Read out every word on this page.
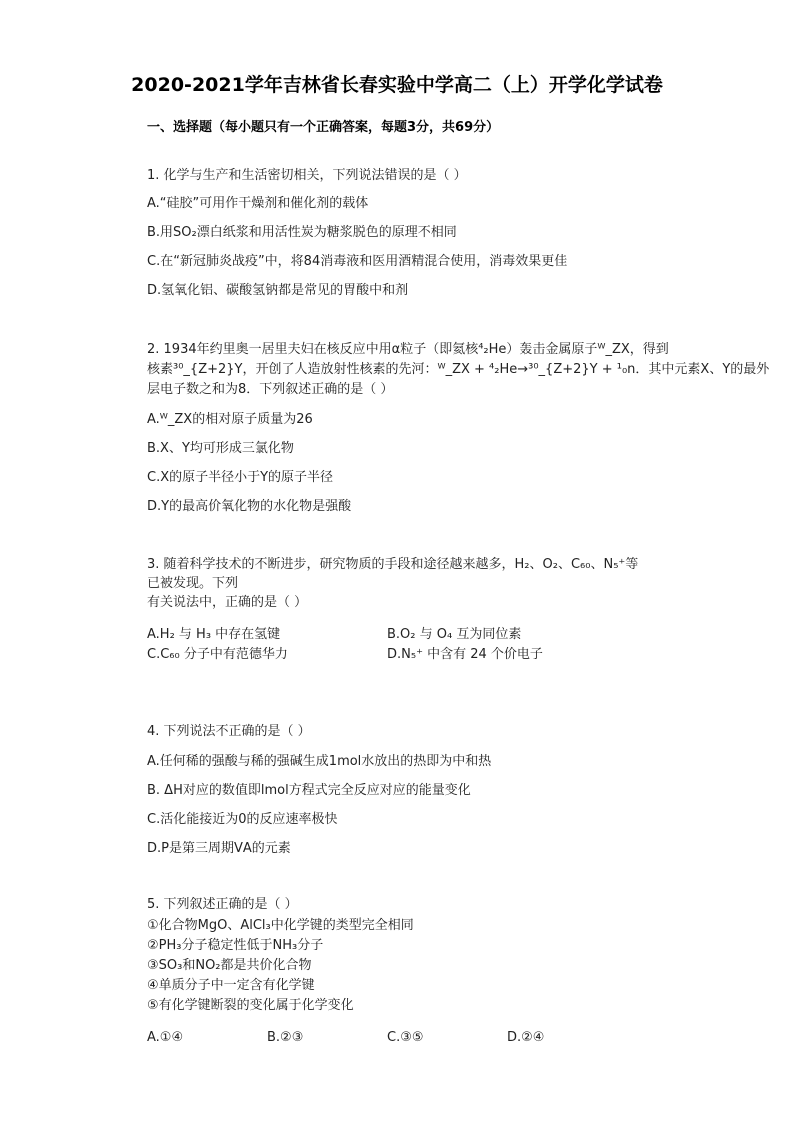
2020-2021学年吉林省长春实验中学高二（上）开学化学试卷
一、选择题（每小题只有一个正确答案，每题3分，共69分）

1. 化学与生产和生活密切相关，下列说法错误的是（ ）

A.“硅胶”可用作干燥剂和催化剂的载体

B.用SO₂漂白纸浆和用活性炭为糖浆脱色的原理不相同

C.在“新冠肺炎战疫”中，将84消毒液和医用酒精混合使用，消毒效果更佳

D.氢氧化铝、碳酸氢钠都是常见的胃酸中和剂

2. 1934年约里奥一居里夫妇在核反应中用α粒子（即氦核⁴₂He）轰击金属原子ᵂ_ZX，得到

核素³⁰_{Z+2}Y，开创了人造放射性核素的先河：ᵂ_ZX + ⁴₂He→³⁰_{Z+2}Y + ¹₀n．其中元素X、Y的最外

层电子数之和为8．下列叙述正确的是（ ）

A.ᵂ_ZX的相对原子质量为26

B.X、Y均可形成三氯化物

C.X的原子半径小于Y的原子半径

D.Y的最高价氧化物的水化物是强酸

3. 随着科学技术的不断进步，研究物质的手段和途径越来越多，H₂、O₂、C₆₀、N₅⁺等

已被发现。下列

有关说法中，正确的是（ ）

A.H₂ 与 H₃ 中存在氢键	B.O₂ 与 O₄ 互为同位素
C.C₆₀ 分子中有范德华力	D.N₅⁺ 中含有 24 个价电子

4. 下列说法不正确的是（ ）

A.任何稀的强酸与稀的强碱生成1mol水放出的热即为中和热

B. ΔH对应的数值即lmol方程式完全反应对应的能量变化

C.活化能接近为0的反应速率极快

D.P是第三周期ⅤA的元素

5. 下列叙述正确的是（ ）

①化合物MgO、AlCl₃中化学键的类型完全相同

②PH₃分子稳定性低于NH₃分子

③SO₃和NO₂都是共价化合物

④单质分子中一定含有化学键

⑤有化学键断裂的变化属于化学变化

A.①④	B.②③	C.③⑤	D.②④
